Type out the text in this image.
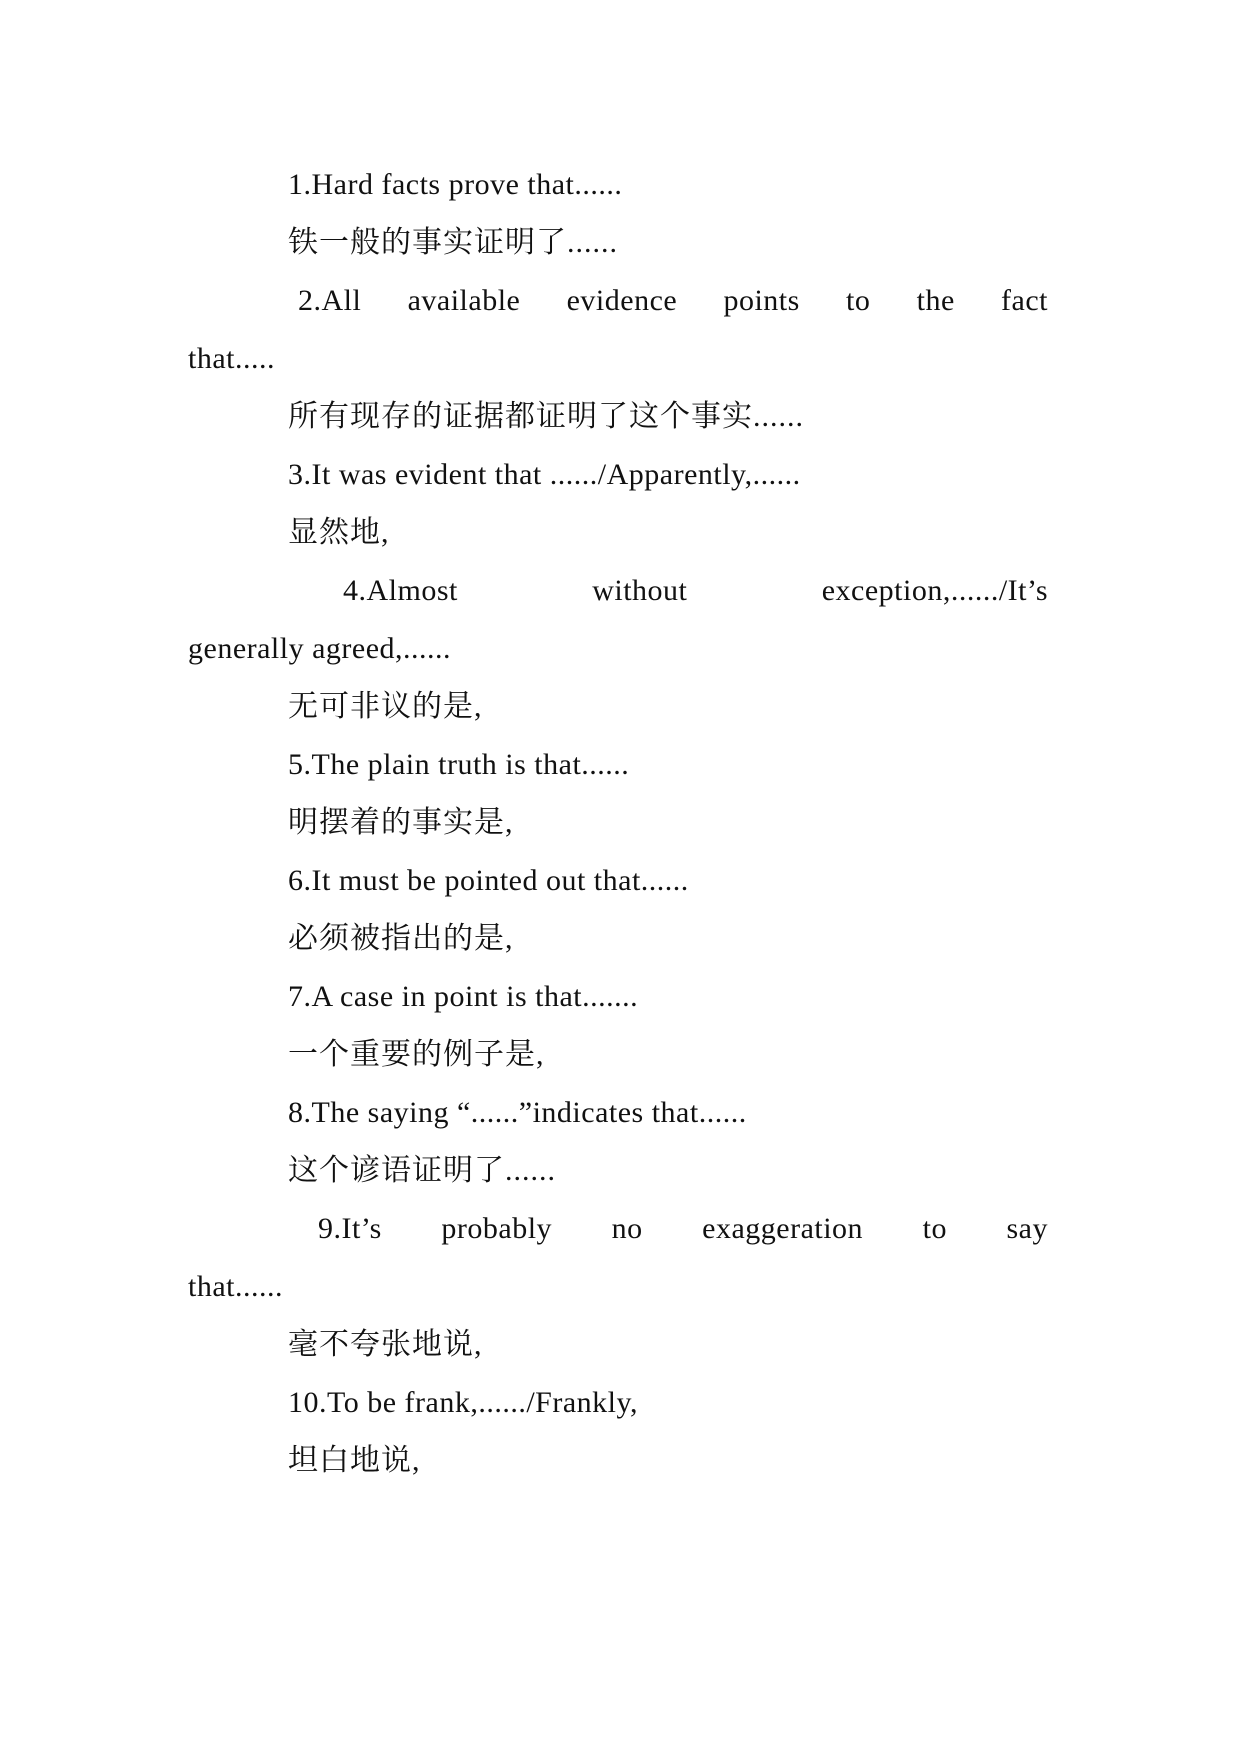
1.Hard facts prove that......
铁一般的事实证明了......
2.All available evidence points to the fact
that.....
所有现存的证据都证明了这个事实......
3.It was evident that ....../Apparently,......
显然地,
4.Almost without exception,....../It’s
generally agreed,......
无可非议的是,
5.The plain truth is that......
明摆着的事实是,
6.It must be pointed out that......
必须被指出的是,
7.A case in point is that.......
一个重要的例子是,
8.The saying “......”indicates that......
这个谚语证明了......
9.It’s probably no exaggeration to say
that......
毫不夸张地说,
10.To be frank,....../Frankly,
坦白地说,
